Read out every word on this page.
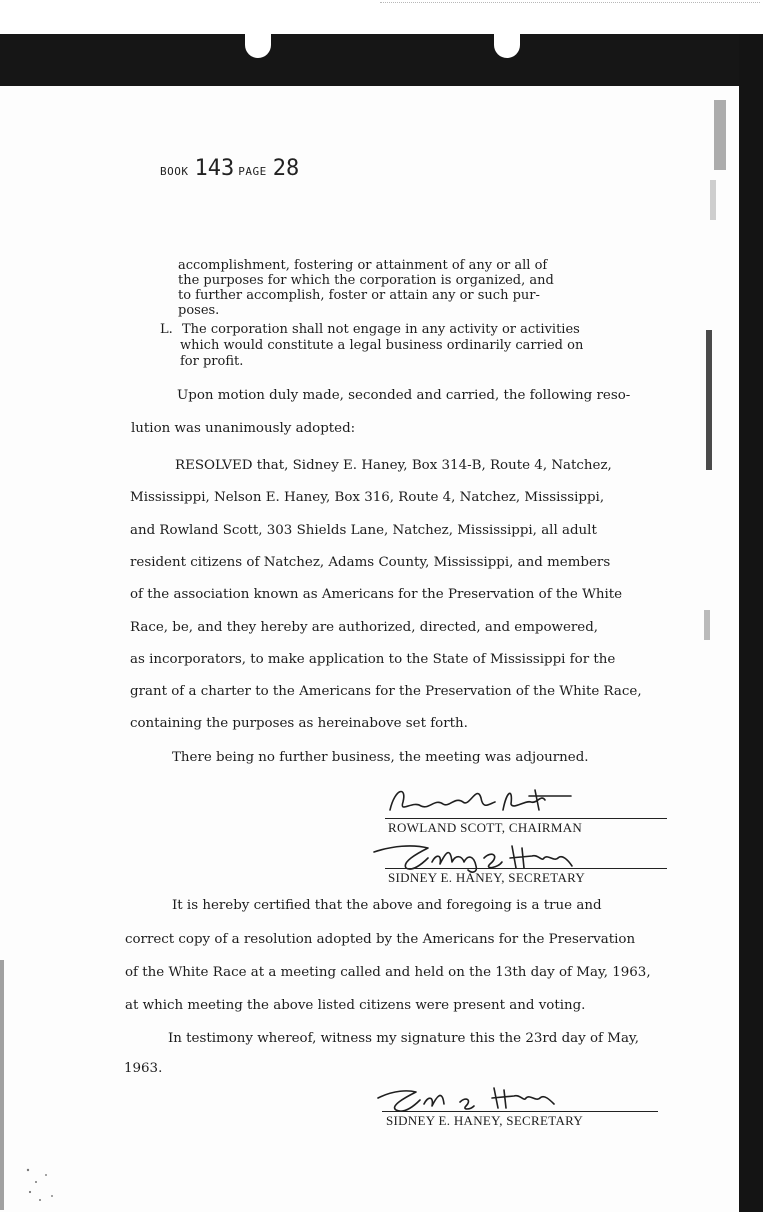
BOOK 143 PAGE 28
accomplishment, fostering or attainment of any or all of
the purposes for which the corporation is organized, and
to further accomplish, foster or attain any or such pur-
poses.
L. The corporation shall not engage in any activity or activities
which would constitute a legal business ordinarily carried on
for profit.
Upon motion duly made, seconded and carried, the following reso-
lution was unanimously adopted:
RESOLVED that, Sidney E. Haney, Box 314-B, Route 4, Natchez,
Mississippi, Nelson E. Haney, Box 316, Route 4, Natchez, Mississippi,
and Rowland Scott, 303 Shields Lane, Natchez, Mississippi, all adult
resident citizens of Natchez, Adams County, Mississippi, and members
of the association known as Americans for the Preservation of the White
Race, be, and they hereby are authorized, directed, and empowered,
as incorporators, to make application to the State of Mississippi for the
grant of a charter to the Americans for the Preservation of the White Race,
containing the purposes as hereinabove set forth.
There being no further business, the meeting was adjourned.
ROWLAND SCOTT, CHAIRMAN
SIDNEY E. HANEY, SECRETARY
It is hereby certified that the above and foregoing is a true and
correct copy of a resolution adopted by the Americans for the Preservation
of the White Race at a meeting called and held on the 13th day of May, 1963,
at which meeting the above listed citizens were present and voting.
In testimony whereof, witness my signature this the 23rd day of May,
1963.
SIDNEY E. HANEY, SECRETARY
